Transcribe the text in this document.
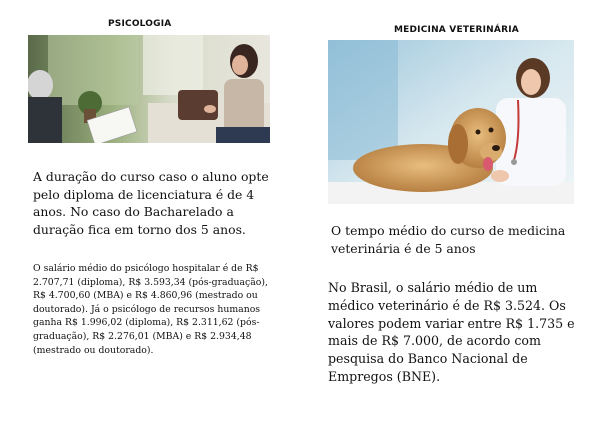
PSICOLOGIA

A duração do curso caso o aluno opte pelo diploma de licenciatura é de 4 anos. No caso do Bacharelado a duração fica em torno dos 5 anos.

O salário médio do psicólogo hospitalar é de R$ 2.707,71 (diploma), R$ 3.593,34 (pós-graduação), R$ 4.700,60 (MBA) e R$ 4.860,96 (mestrado ou doutorado). Já o psicólogo de recursos humanos ganha R$ 1.996,02 (diploma), R$ 2.311,62 (pós-graduação), R$ 2.276,01 (MBA) e R$ 2.934,48 (mestrado ou doutorado).

MEDICINA VETERINÁRIA

O tempo médio do curso de medicina veterinária é de 5 anos

No Brasil, o salário médio de um médico veterinário é de R$ 3.524. Os valores podem variar entre R$ 1.735 e mais de R$ 7.000, de acordo com pesquisa do Banco Nacional de Empregos (BNE).
